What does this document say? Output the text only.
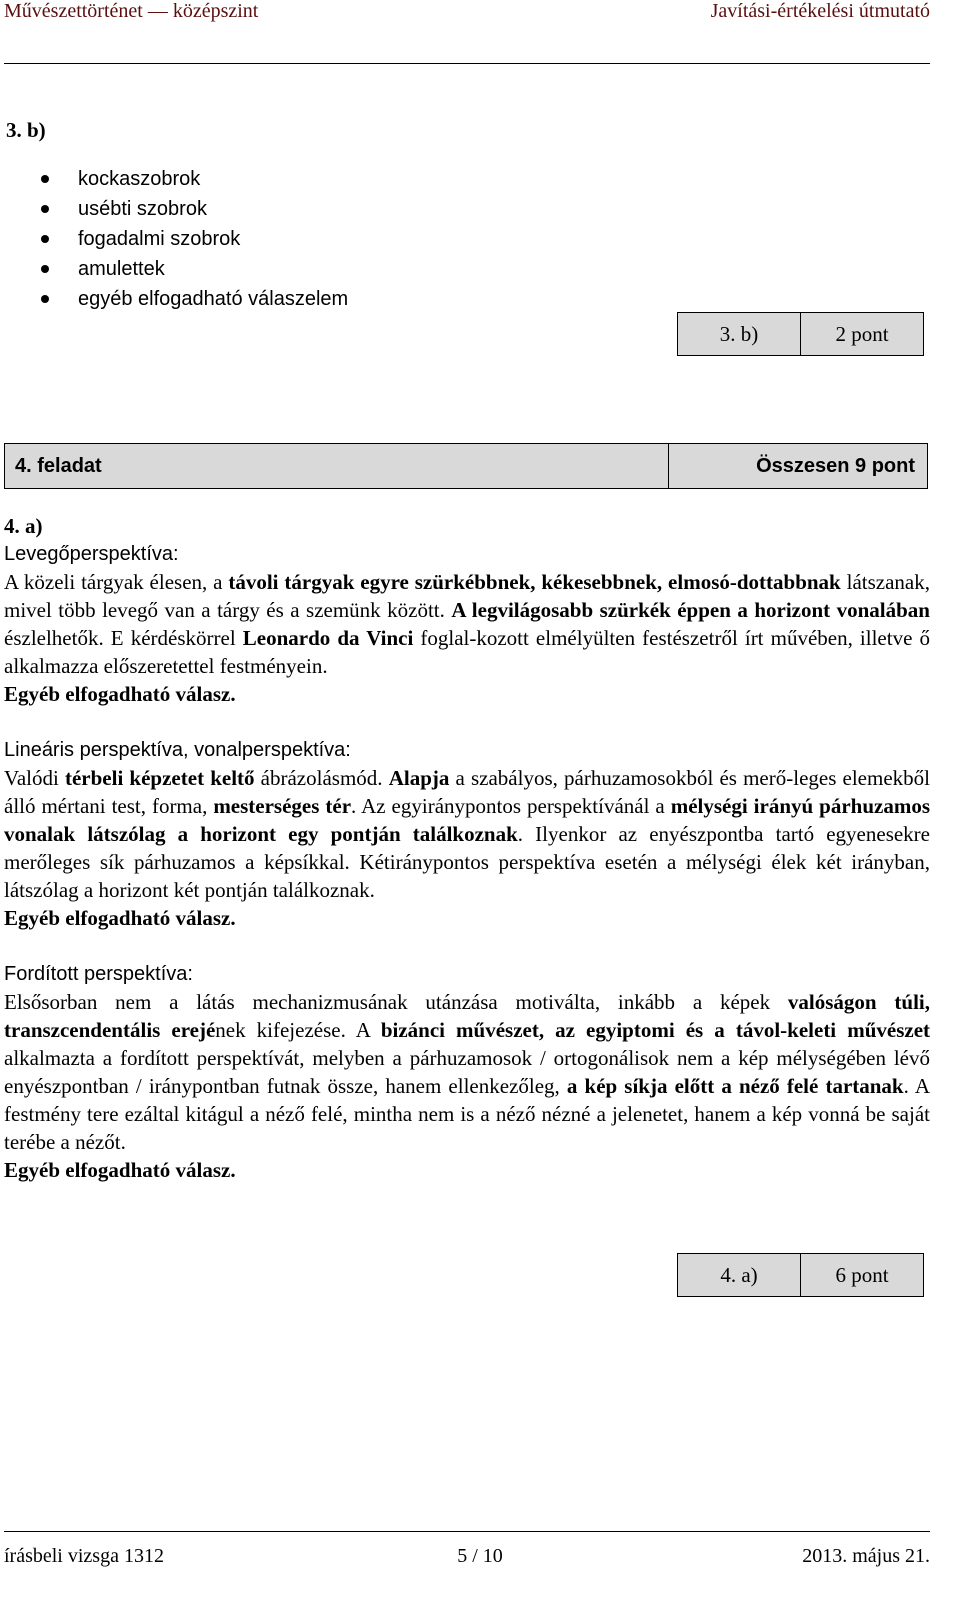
Művészettörténet — középszint	Javítási-értékelési útmutató
3. b)
kockaszobrok
usébti szobrok
fogadalmi szobrok
amulettek
egyéb elfogadható válaszelem
3. b)	2 pont
4. feladat	Összesen 9 pont

4. a)

Levegőperspektíva:

A közeli tárgyak élesen, a távoli tárgyak egyre szürkébbnek, kékesebbnek, elmosó-dottabbnak látszanak, mivel több levegő van a tárgy és a szemünk között. A legvilágosabb szürkék éppen a horizont vonalában észlelhetők. E kérdéskörrel Leonardo da Vinci foglal-kozott elmélyülten festészetről írt művében, illetve ő alkalmazza előszeretettel festményein.

Egyéb elfogadható válasz.

Lineáris perspektíva, vonalperspektíva:

Valódi térbeli képzetet keltő ábrázolásmód. Alapja a szabályos, párhuzamosokból és merő-leges elemekből álló mértani test, forma, mesterséges tér. Az egyiránypontos perspektívánál a mélységi irányú párhuzamos vonalak látszólag a horizont egy pontján találkoznak. Ilyenkor az enyészpontba tartó egyenesekre merőleges sík párhuzamos a képsíkkal. Kétiránypontos perspektíva esetén a mélységi élek két irányban, látszólag a horizont két pontján találkoznak.

Egyéb elfogadható válasz.

Fordított perspektíva:

Elsősorban nem a látás mechanizmusának utánzása motiválta, inkább a képek valóságon túli, transzcendentális erejének kifejezése. A bizánci művészet, az egyiptomi és a távol-keleti művészet alkalmazta a fordított perspektívát, melyben a párhuzamosok / ortogonálisok nem a kép mélységében lévő enyészpontban / iránypontban futnak össze, hanem ellenkezőleg, a kép síkja előtt a néző felé tartanak. A festmény tere ezáltal kitágul a néző felé, mintha nem is a néző nézné a jelenetet, hanem a kép vonná be saját terébe a nézőt.

Egyéb elfogadható válasz.

4. a)	6 pont
írásbeli vizsga 1312	5 / 10	2013. május 21.
